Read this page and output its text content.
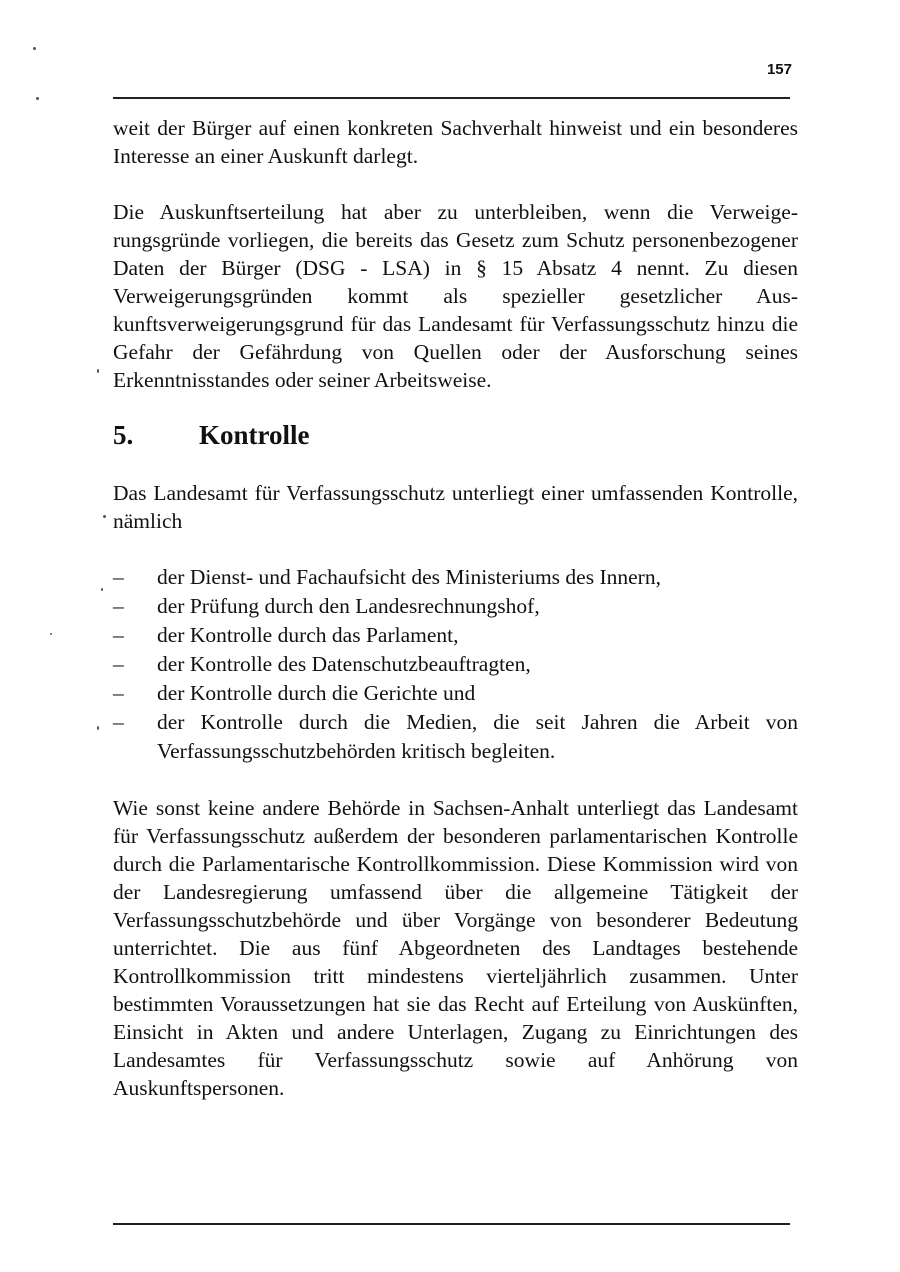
157

weit der Bürger auf einen konkreten Sachverhalt hinweist und ein besonderes Interesse an einer Auskunft darlegt.

Die Auskunftserteilung hat aber zu unterbleiben, wenn die Verweigerungsgründe vorliegen, die bereits das Gesetz zum Schutz personenbezogener Daten der Bürger (DSG - LSA) in § 15 Absatz 4 nennt. Zu diesen Verweigerungsgründen kommt als spezieller gesetzlicher Auskunftsverweigerungsgrund für das Landesamt für Verfassungsschutz hinzu die Gefahr der Gefährdung von Quellen oder der Ausforschung seines Erkenntnisstandes oder seiner Arbeitsweise.

5. Kontrolle

Das Landesamt für Verfassungsschutz unterliegt einer umfassenden Kontrolle, nämlich

– der Dienst- und Fachaufsicht des Ministeriums des Innern,
– der Prüfung durch den Landesrechnungshof,
– der Kontrolle durch das Parlament,
– der Kontrolle des Datenschutzbeauftragten,
– der Kontrolle durch die Gerichte und
– der Kontrolle durch die Medien, die seit Jahren die Arbeit von Verfassungsschutzbehörden kritisch begleiten.

Wie sonst keine andere Behörde in Sachsen-Anhalt unterliegt das Landesamt für Verfassungsschutz außerdem der besonderen parlamentarischen Kontrolle durch die Parlamentarische Kontrollkommission. Diese Kommission wird von der Landesregierung umfassend über die allgemeine Tätigkeit der Verfassungsschutzbehörde und über Vorgänge von besonderer Bedeutung unterrichtet. Die aus fünf Abgeordneten des Landtages bestehende Kontrollkommission tritt mindestens vierteljährlich zusammen. Unter bestimmten Voraussetzungen hat sie das Recht auf Erteilung von Auskünften, Einsicht in Akten und andere Unterlagen, Zugang zu Einrichtungen des Landesamtes für Verfassungsschutz sowie auf Anhörung von Auskunftspersonen.
